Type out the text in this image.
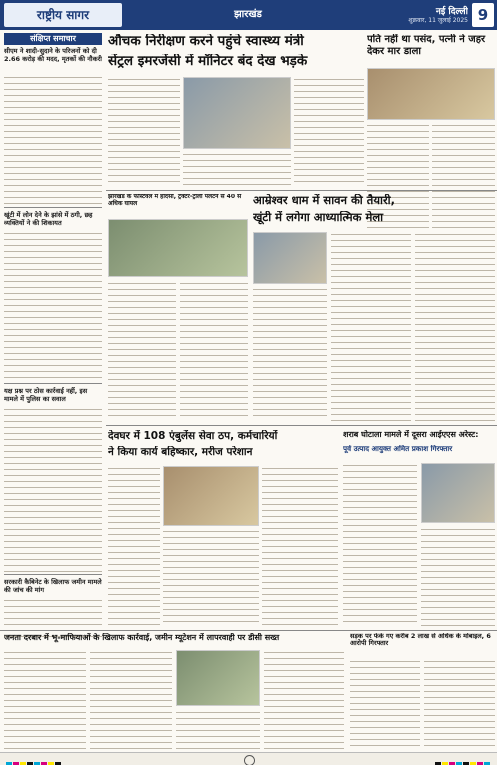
राष्ट्रीय सागर	झारखंड	नई दिल्ली
शुक्रवार, 11 जुलाई 2025 9
संक्षिप्त समाचार
सीएम ने शादी-सुदाने के परिजनों को दी 2.66 करोड़ की मदद, मृतकों की नौकरी
खूंटी में लोन देने के झांसे में ठगी, छह व्यक्तियों ने की शिकायत
यक्ष प्रश्न पर ठोस कार्रवाई नहीं, इस मामले में पुलिस का सवाल
सरकारी कैबिनेट के खिलाफ जमीन मामले की जांच की मांग
औचक निरीक्षण करने पहुंचे स्वास्थ्य मंत्री
सेंट्रल इमरजेंसी में मॉनिटर बंद देख भड़के
पति नहीं था पसंद, पत्नी ने जहर देकर मार डाला
झारखंड के फेस्टिवल में हादसा, ट्रेक्टर-ट्रॉली पलटने से 40 से अधिक घायल	आम्रेश्वर धाम में सावन की तैयारी,
खूंटी में लगेगा आध्यात्मिक मेला
देवघर में 108 एंबुलेंस सेवा ठप, कर्मचारियों
ने किया कार्य बहिष्कार, मरीज परेशान
शराब घोटाला मामले में दूसरा आईएएस अरेस्ट:
पूर्व उत्पाद आयुक्त अमित प्रकाश गिरफ्तार
जनता दरबार में भू-माफियाओं के खिलाफ कार्रवाई, जमीन म्यूटेशन में लापरवाही पर डीसी सख्त	सड़क पर फेंके गए करीब 2 लाख से अधिक के मोबाइल, 6 आरोपी गिरफ्तार
